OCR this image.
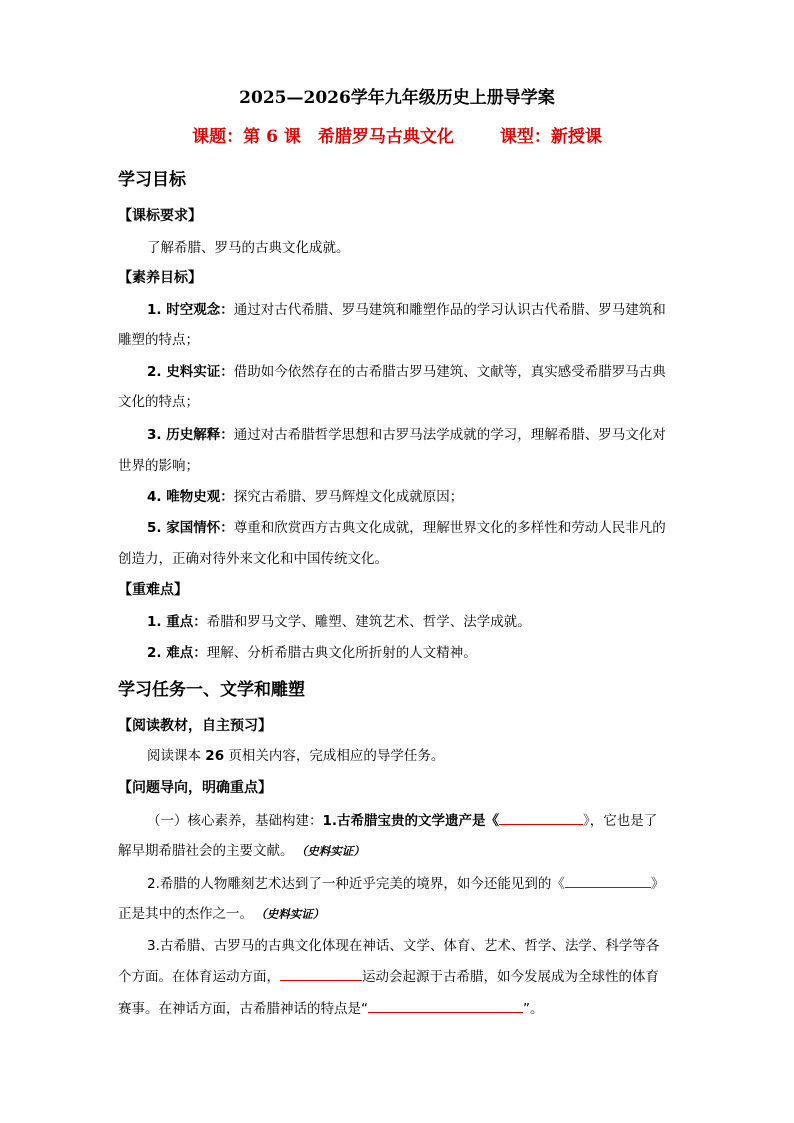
2025—2026学年九年级历史上册导学案
课题：第 6 课　希腊罗马古典文化	课型：新授课
学习目标
【课标要求】
了解希腊、罗马的古典文化成就。
【素养目标】
1. 时空观念：通过对古代希腊、罗马建筑和雕塑作品的学习认识古代希腊、罗马建筑和
雕塑的特点；
2. 史料实证：借助如今依然存在的古希腊古罗马建筑、文献等，真实感受希腊罗马古典
文化的特点；
3. 历史解释：通过对古希腊哲学思想和古罗马法学成就的学习，理解希腊、罗马文化对
世界的影响；
4. 唯物史观：探究古希腊、罗马辉煌文化成就原因；
5. 家国情怀：尊重和欣赏西方古典文化成就，理解世界文化的多样性和劳动人民非凡的
创造力，正确对待外来文化和中国传统文化。
【重难点】
1. 重点：希腊和罗马文学、雕塑、建筑艺术、哲学、法学成就。
2. 难点：理解、分析希腊古典文化所折射的人文精神。
学习任务一、文学和雕塑
【阅读教材，自主预习】
阅读课本 26 页相关内容，完成相应的导学任务。
【问题导向，明确重点】
（一）核心素养，基础构建：1.古希腊宝贵的文学遗产是《	》，它也是了
解早期希腊社会的主要文献。 （史料实证）
2.希腊的人物雕刻艺术达到了一种近乎完美的境界，如今还能见到的《	》
正是其中的杰作之一。 （史料实证）
3.古希腊、古罗马的古典文化体现在神话、文学、体育、艺术、哲学、法学、科学等各
个方面。在体育运动方面，	运动会起源于古希腊，如今发展成为全球性的体育
赛事。在神话方面，古希腊神话的特点是“	”。
